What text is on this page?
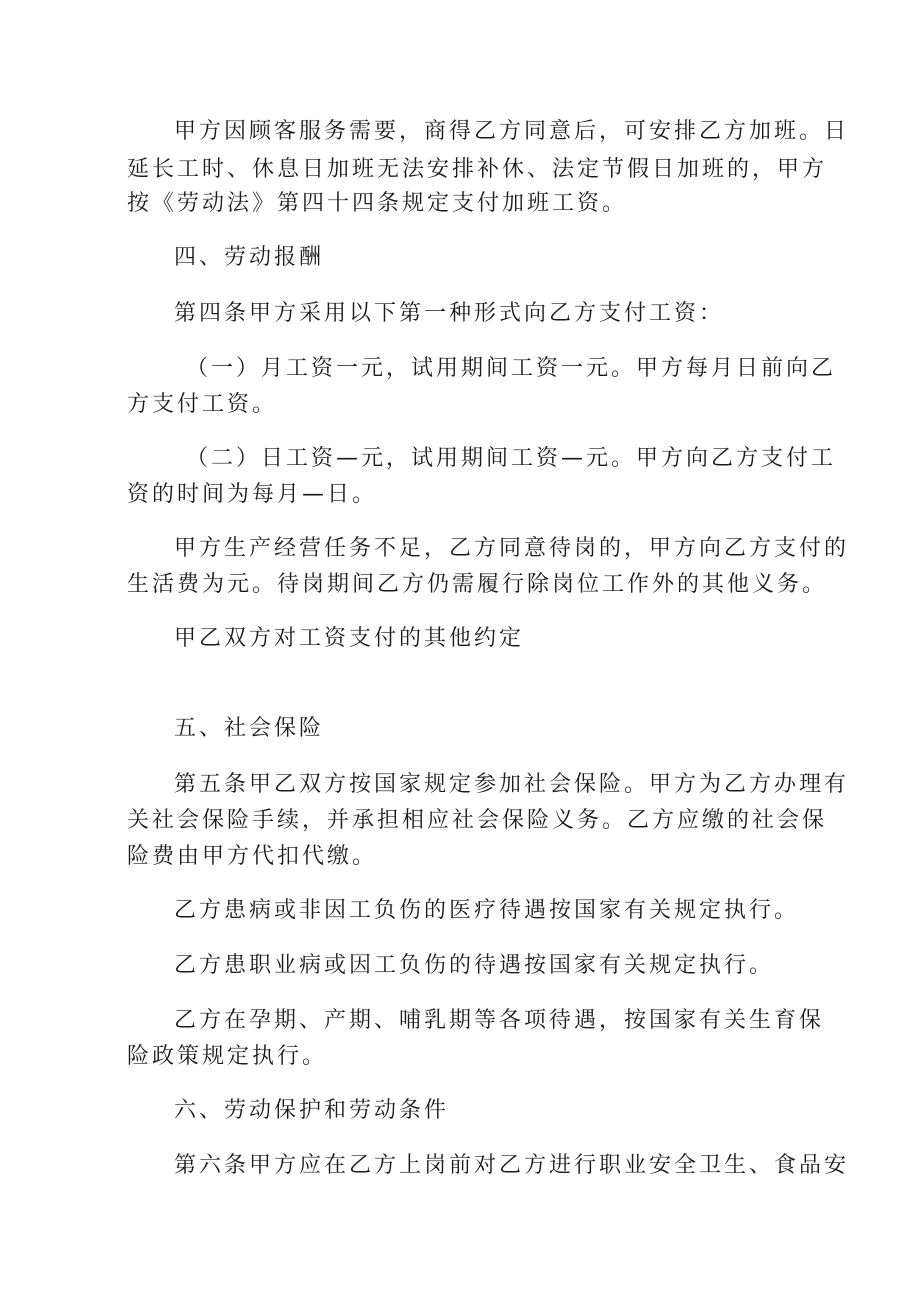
甲方因顾客服务需要，商得乙方同意后，可安排乙方加班。日
延长工时、休息日加班无法安排补休、法定节假日加班的，甲方
按《劳动法》第四十四条规定支付加班工资。
四、劳动报酬
第四条甲方采用以下第一种形式向乙方支付工资：
（一）月工资一元，试用期间工资一元。甲方每月日前向乙
方支付工资。
（二）日工资—元，试用期间工资—元。甲方向乙方支付工
资的时间为每月—日。
甲方生产经营任务不足，乙方同意待岗的，甲方向乙方支付的
生活费为元。待岗期间乙方仍需履行除岗位工作外的其他义务。
甲乙双方对工资支付的其他约定
五、社会保险
第五条甲乙双方按国家规定参加社会保险。甲方为乙方办理有
关社会保险手续，并承担相应社会保险义务。乙方应缴的社会保
险费由甲方代扣代缴。
乙方患病或非因工负伤的医疗待遇按国家有关规定执行。
乙方患职业病或因工负伤的待遇按国家有关规定执行。
乙方在孕期、产期、哺乳期等各项待遇，按国家有关生育保
险政策规定执行。
六、劳动保护和劳动条件
第六条甲方应在乙方上岗前对乙方进行职业安全卫生、食品安
